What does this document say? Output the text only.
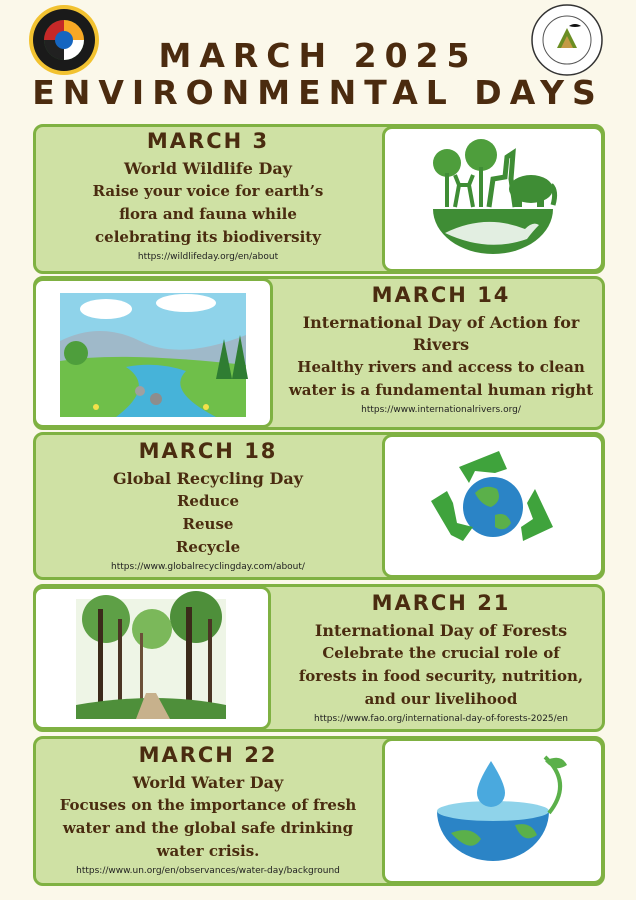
MARCH 2025
ENVIRONMENTAL DAYS
MARCH 3
World Wildlife Day
Raise your voice for earth’s
flora and fauna while
celebrating its biodiversity
https://wildlifeday.org/en/about
MARCH 14
International Day of Action for
Rivers
Healthy rivers and access to clean
water is a fundamental human right
https://www.internationalrivers.org/
MARCH 18
Global Recycling Day
Reduce
Reuse
Recycle
https://www.globalrecyclingday.com/about/
MARCH 21
International Day of Forests
Celebrate the crucial role of
forests in food security, nutrition,
and our livelihood
https://www.fao.org/international-day-of-forests-2025/en
MARCH 22
World Water Day
Focuses on the importance of fresh
water and the global safe drinking
water crisis.
https://www.un.org/en/observances/water-day/background
